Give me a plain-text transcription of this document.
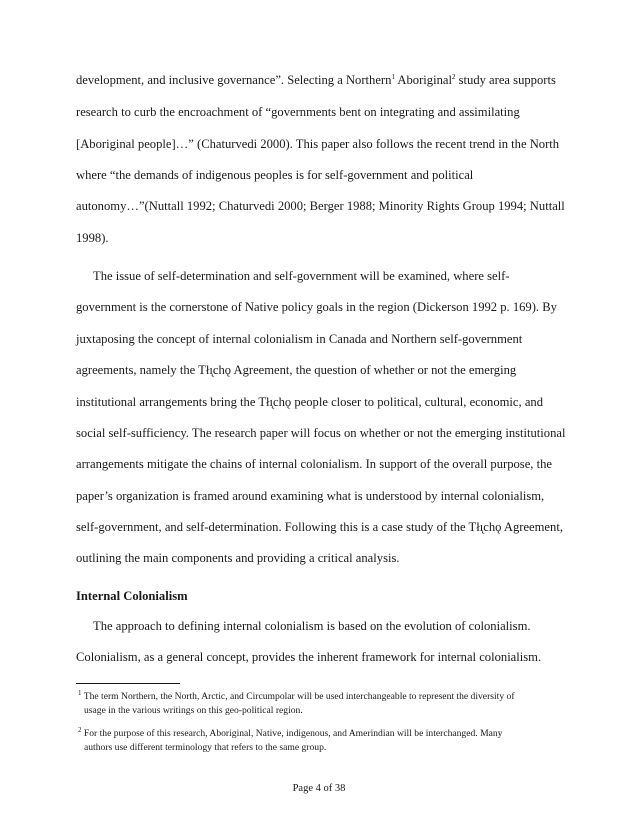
development, and inclusive governance”. Selecting a Northern$^1$ Aboriginal$^2$ study area supports
research to curb the encroachment of “governments bent on integrating and assimilating
[Aboriginal people]…” (Chaturvedi 2000). This paper also follows the recent trend in the North
where “the demands of indigenous peoples is for self-government and political
autonomy…”(Nuttall 1992; Chaturvedi 2000; Berger 1988; Minority Rights Group 1994; Nuttall
1998).
The issue of self-determination and self-government will be examined, where self-
government is the cornerstone of Native policy goals in the region (Dickerson 1992 p. 169). By
juxtaposing the concept of internal colonialism in Canada and Northern self-government
agreements, namely the Tłı̨chǫ Agreement, the question of whether or not the emerging
institutional arrangements bring the Tłı̨chǫ people closer to political, cultural, economic, and
social self-sufficiency. The research paper will focus on whether or not the emerging institutional
arrangements mitigate the chains of internal colonialism. In support of the overall purpose, the
paper’s organization is framed around examining what is understood by internal colonialism,
self-government, and self-determination. Following this is a case study of the Tłı̨chǫ Agreement,
outlining the main components and providing a critical analysis.
Internal Colonialism
The approach to defining internal colonialism is based on the evolution of colonialism.
Colonialism, as a general concept, provides the inherent framework for internal colonialism.
$^1$ The term Northern, the North, Arctic, and Circumpolar will be used interchangeable to represent the diversity of
usage in the various writings on this geo-political region.
$^2$ For the purpose of this research, Aboriginal, Native, indigenous, and Amerindian will be interchanged. Many
authors use different terminology that refers to the same group.
Page 4 of 38
